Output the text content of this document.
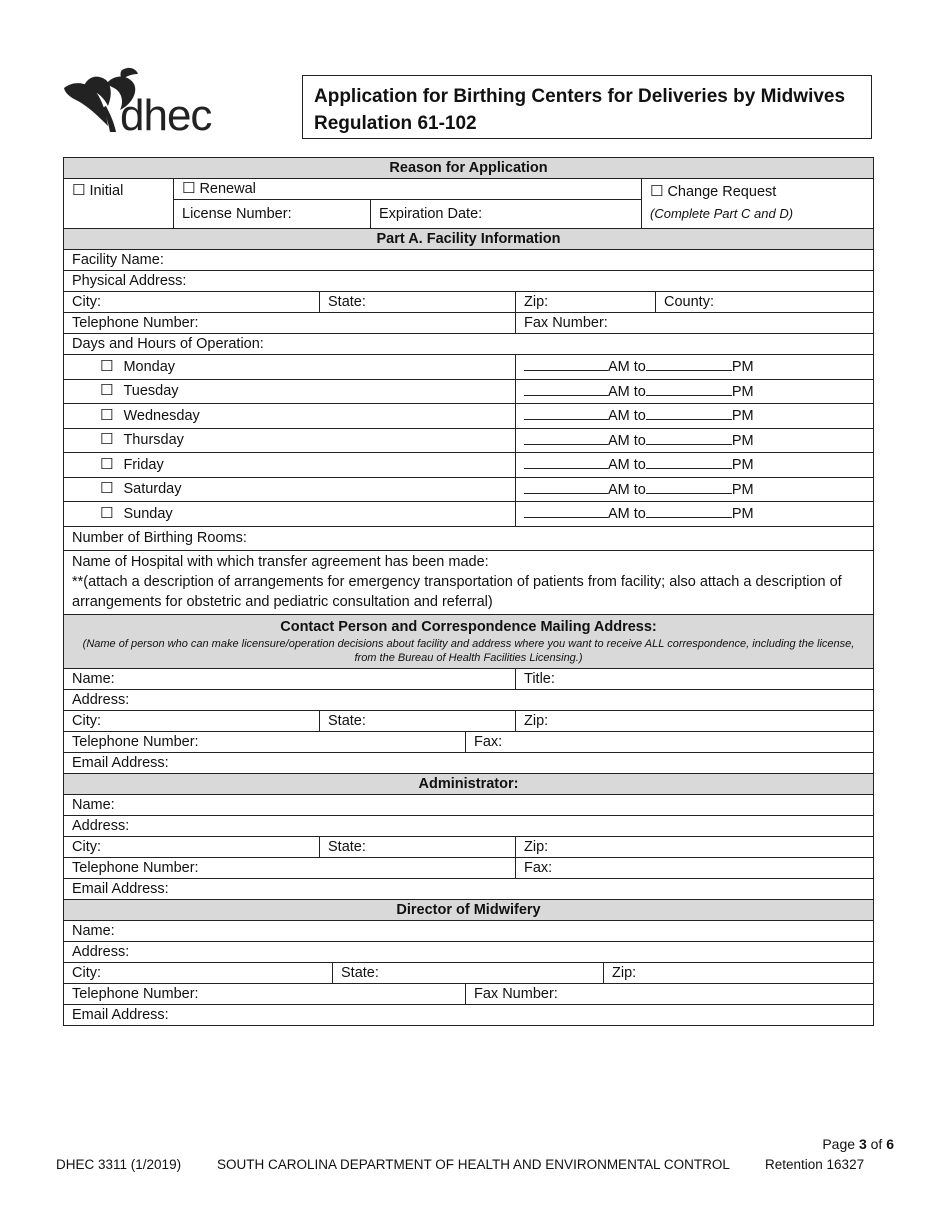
dhec	Application for Birthing Centers for Deliveries by Midwives
Regulation 61-102
Reason for Application			
☐ Initial	☐ Renewal		☐ Change Request
(Complete Part C and D)

	License Number:	Expiration Date:	
Part A. Facility Information			
Facility Name:			
Physical Address:			
City:	State:	Zip:	County:
Telephone Number:		Fax Number:	
Days and Hours of Operation:			
☐ Monday		AM to PM	
☐ Tuesday		AM to PM	
☐ Wednesday		AM to PM	
☐ Thursday		AM to PM	
☐ Friday		AM to PM	
☐ Saturday		AM to PM	
☐ Sunday		AM to PM	
Number of Birthing Rooms:			

Name of Hospital with which transfer agreement has been made:
**(attach a description of arrangements for emergency transportation of patients from facility; also attach a description of arrangements for obstetric and pediatric consultation and referral)			
Contact Person and Correspondence Mailing Address:
(Name of person who can make licensure/operation decisions about facility and address where you want to receive ALL correspondence, including the license, from the Bureau of Health Facilities Licensing.)			

Name:			Title:
Address:			
City:	State:		Zip:
Telephone Number:		Fax:	
Email Address:			
Administrator:		
Name:		
Address:		
City:	State:	Zip:
Telephone Number:		Fax:
Email Address:		
Director of Midwifery			
Name:			
Address:			
City:	State:		Zip:
Telephone Number:		Fax Number:	
Email Address:			
Page 3 of 6
DHEC 3311 (1/2019)	SOUTH CAROLINA DEPARTMENT OF HEALTH AND ENVIRONMENTAL CONTROL	Retention 16327
